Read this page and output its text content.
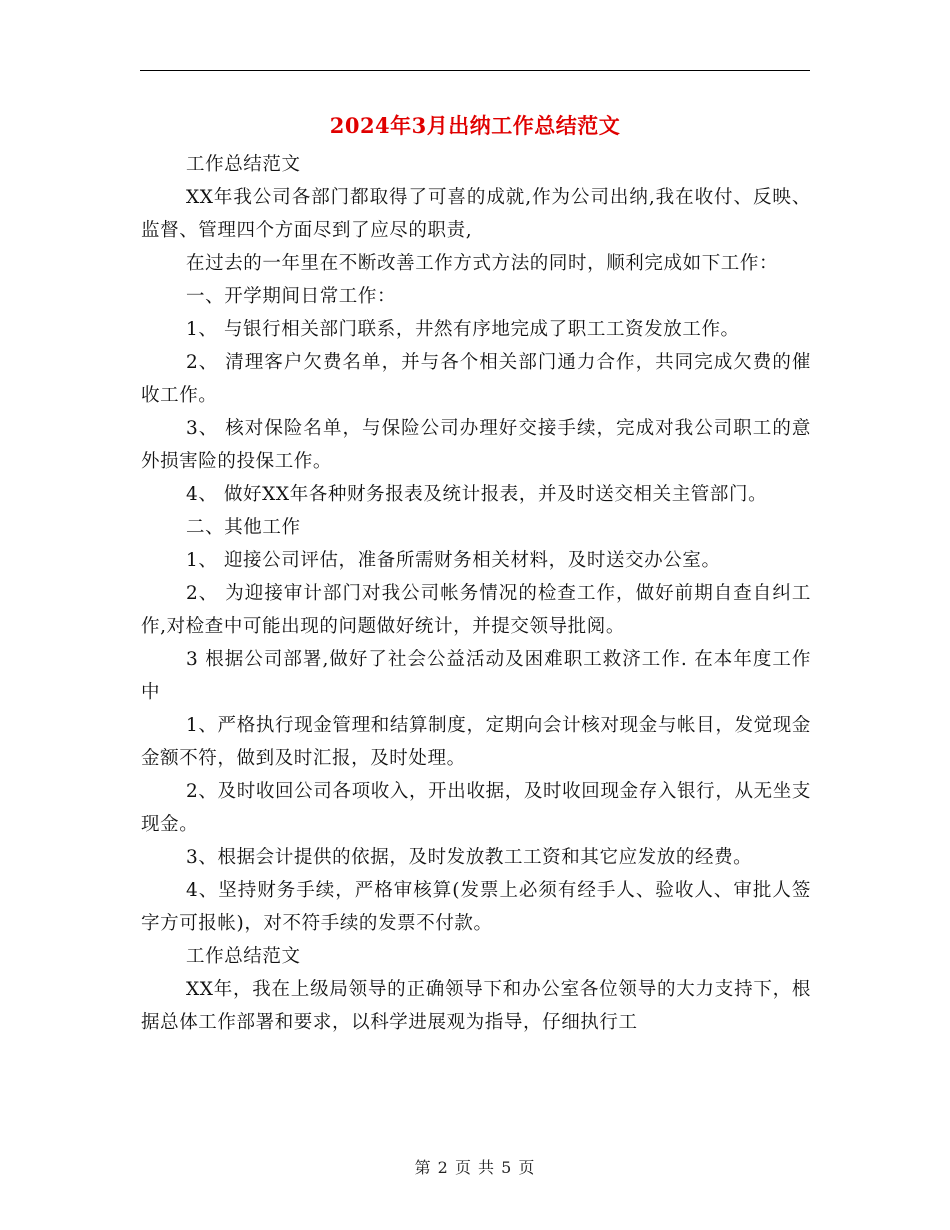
2024年3月出纳工作总结范文

工作总结范文

XX年我公司各部门都取得了可喜的成就,作为公司出纳,我在收付、反映、监督、管理四个方面尽到了应尽的职责,

在过去的一年里在不断改善工作方式方法的同时，顺利完成如下工作：

一、开学期间日常工作：

1、 与银行相关部门联系，井然有序地完成了职工工资发放工作。

2、 清理客户欠费名单，并与各个相关部门通力合作，共同完成欠费的催收工作。

3、 核对保险名单，与保险公司办理好交接手续，完成对我公司职工的意外损害险的投保工作。

4、 做好XX年各种财务报表及统计报表，并及时送交相关主管部门。

二、其他工作

1、 迎接公司评估，准备所需财务相关材料，及时送交办公室。

2、 为迎接审计部门对我公司帐务情况的检查工作，做好前期自查自纠工作,对检查中可能出现的问题做好统计，并提交领导批阅。

3 根据公司部署,做好了社会公益活动及困难职工救济工作. 在本年度工作中

1、严格执行现金管理和结算制度，定期向会计核对现金与帐目，发觉现金金额不符，做到及时汇报，及时处理。

2、及时收回公司各项收入，开出收据，及时收回现金存入银行，从无坐支现金。

3、根据会计提供的依据，及时发放教工工资和其它应发放的经费。

4、坚持财务手续，严格审核算(发票上必须有经手人、验收人、审批人签字方可报帐)，对不符手续的发票不付款。

工作总结范文

XX年，我在上级局领导的正确领导下和办公室各位领导的大力支持下，根据总体工作部署和要求，以科学进展观为指导，仔细执行工

第 2 页 共 5 页
